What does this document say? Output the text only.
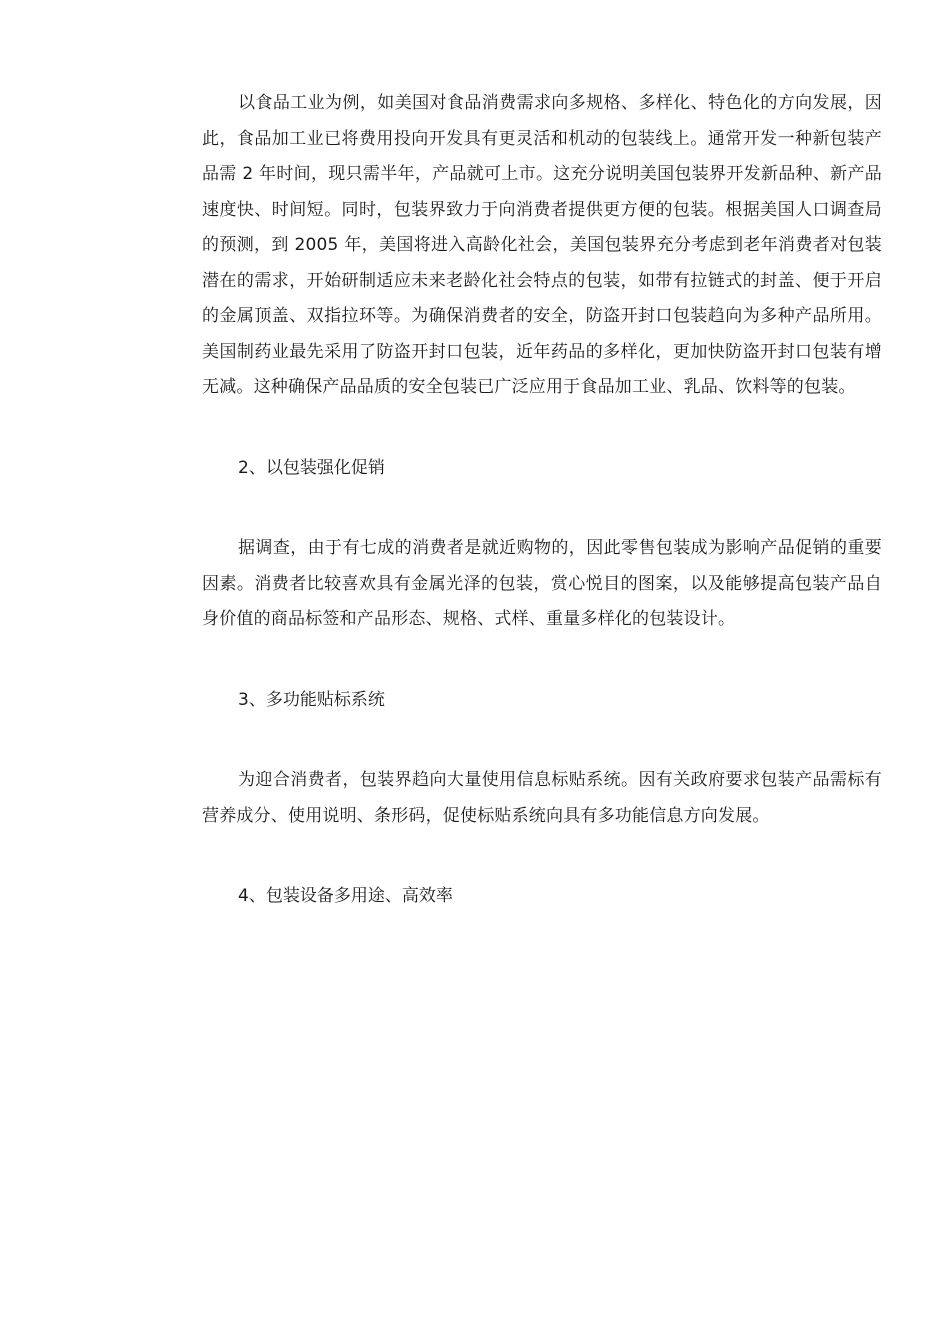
以食品工业为例，如美国对食品消费需求向多规格、多样化、特色化的方向发展，因此，食品加工业已将费用投向开发具有更灵活和机动的包装线上。通常开发一种新包装产品需 2 年时间，现只需半年，产品就可上市。这充分说明美国包装界开发新品种、新产品速度快、时间短。同时，包装界致力于向消费者提供更方便的包装。根据美国人口调查局的预测，到 2005 年，美国将进入高龄化社会，美国包装界充分考虑到老年消费者对包装潜在的需求，开始研制适应未来老龄化社会特点的包装，如带有拉链式的封盖、便于开启的金属顶盖、双指拉环等。为确保消费者的安全，防盗开封口包装趋向为多种产品所用。美国制药业最先采用了防盗开封口包装，近年药品的多样化，更加快防盗开封口包装有增无减。这种确保产品品质的安全包装已广泛应用于食品加工业、乳品、饮料等的包装。

2、以包装强化促销

据调查，由于有七成的消费者是就近购物的，因此零售包装成为影响产品促销的重要因素。消费者比较喜欢具有金属光泽的包装，赏心悦目的图案，以及能够提高包装产品自身价值的商品标签和产品形态、规格、式样、重量多样化的包装设计。

3、多功能贴标系统

为迎合消费者，包装界趋向大量使用信息标贴系统。因有关政府要求包装产品需标有营养成分、使用说明、条形码，促使标贴系统向具有多功能信息方向发展。

4、包装设备多用途、高效率
